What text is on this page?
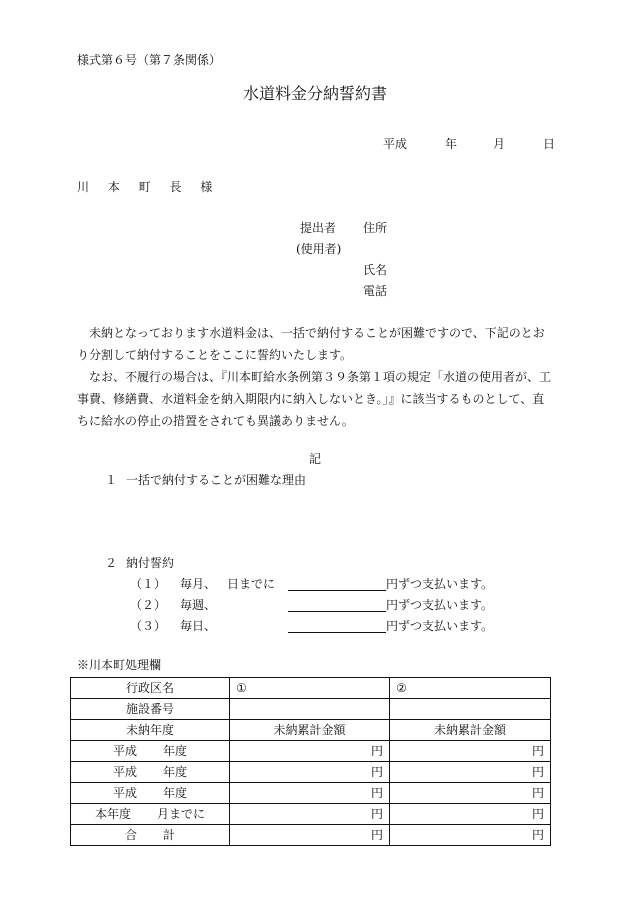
様式第６号（第７条関係）
水道料金分納誓約書
平成	年	月	日
川 本 町 長 様
提出者 住所
(使用者)
氏名
電話

未納となっております水道料金は、一括で納付することが困難ですので、下記のとおり分割して納付することをここに誓約いたします。

なお、不履行の場合は、『川本町給水条例第３９条第１項の規定「水道の使用者が、工事費、修繕費、水道料金を納入期限内に納入しないとき。」』に該当するものとして、直ちに給水の停止の措置をされても異議ありません。

記
１ 一括で納付することが困難な理由
２ 納付誓約
（１） 毎月、 日までに	円ずつ支払います。
（２） 毎週、	円ずつ支払います。
（３） 毎日、	円ずつ支払います。
※川本町処理欄
行政区名	①	②
施設番号		
未納年度	未納累計金額	未納累計金額
平成 年度	円	円
平成 年度	円	円
平成 年度	円	円
本年度 月までに	円	円
合 計	円	円
